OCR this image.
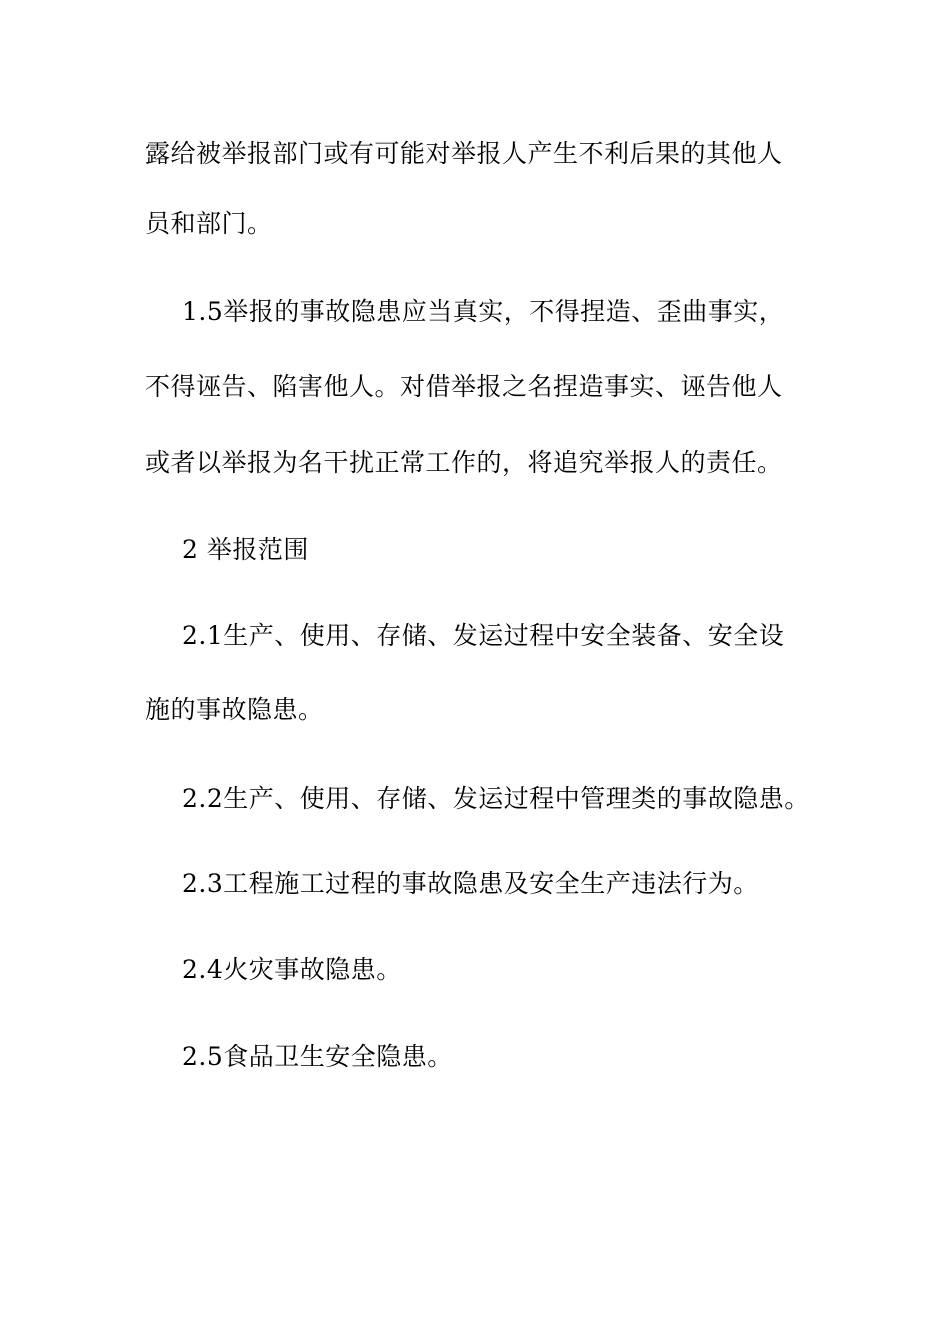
露给被举报部门或有可能对举报人产生不利后果的其他人
员和部门。
1.5举报的事故隐患应当真实，不得捏造、歪曲事实，
不得诬告、陷害他人。对借举报之名捏造事实、诬告他人
或者以举报为名干扰正常工作的，将追究举报人的责任。
2 举报范围
2.1生产、使用、存储、发运过程中安全装备、安全设
施的事故隐患。
2.2生产、使用、存储、发运过程中管理类的事故隐患。
2.3工程施工过程的事故隐患及安全生产违法行为。
2.4火灾事故隐患。
2.5食品卫生安全隐患。
